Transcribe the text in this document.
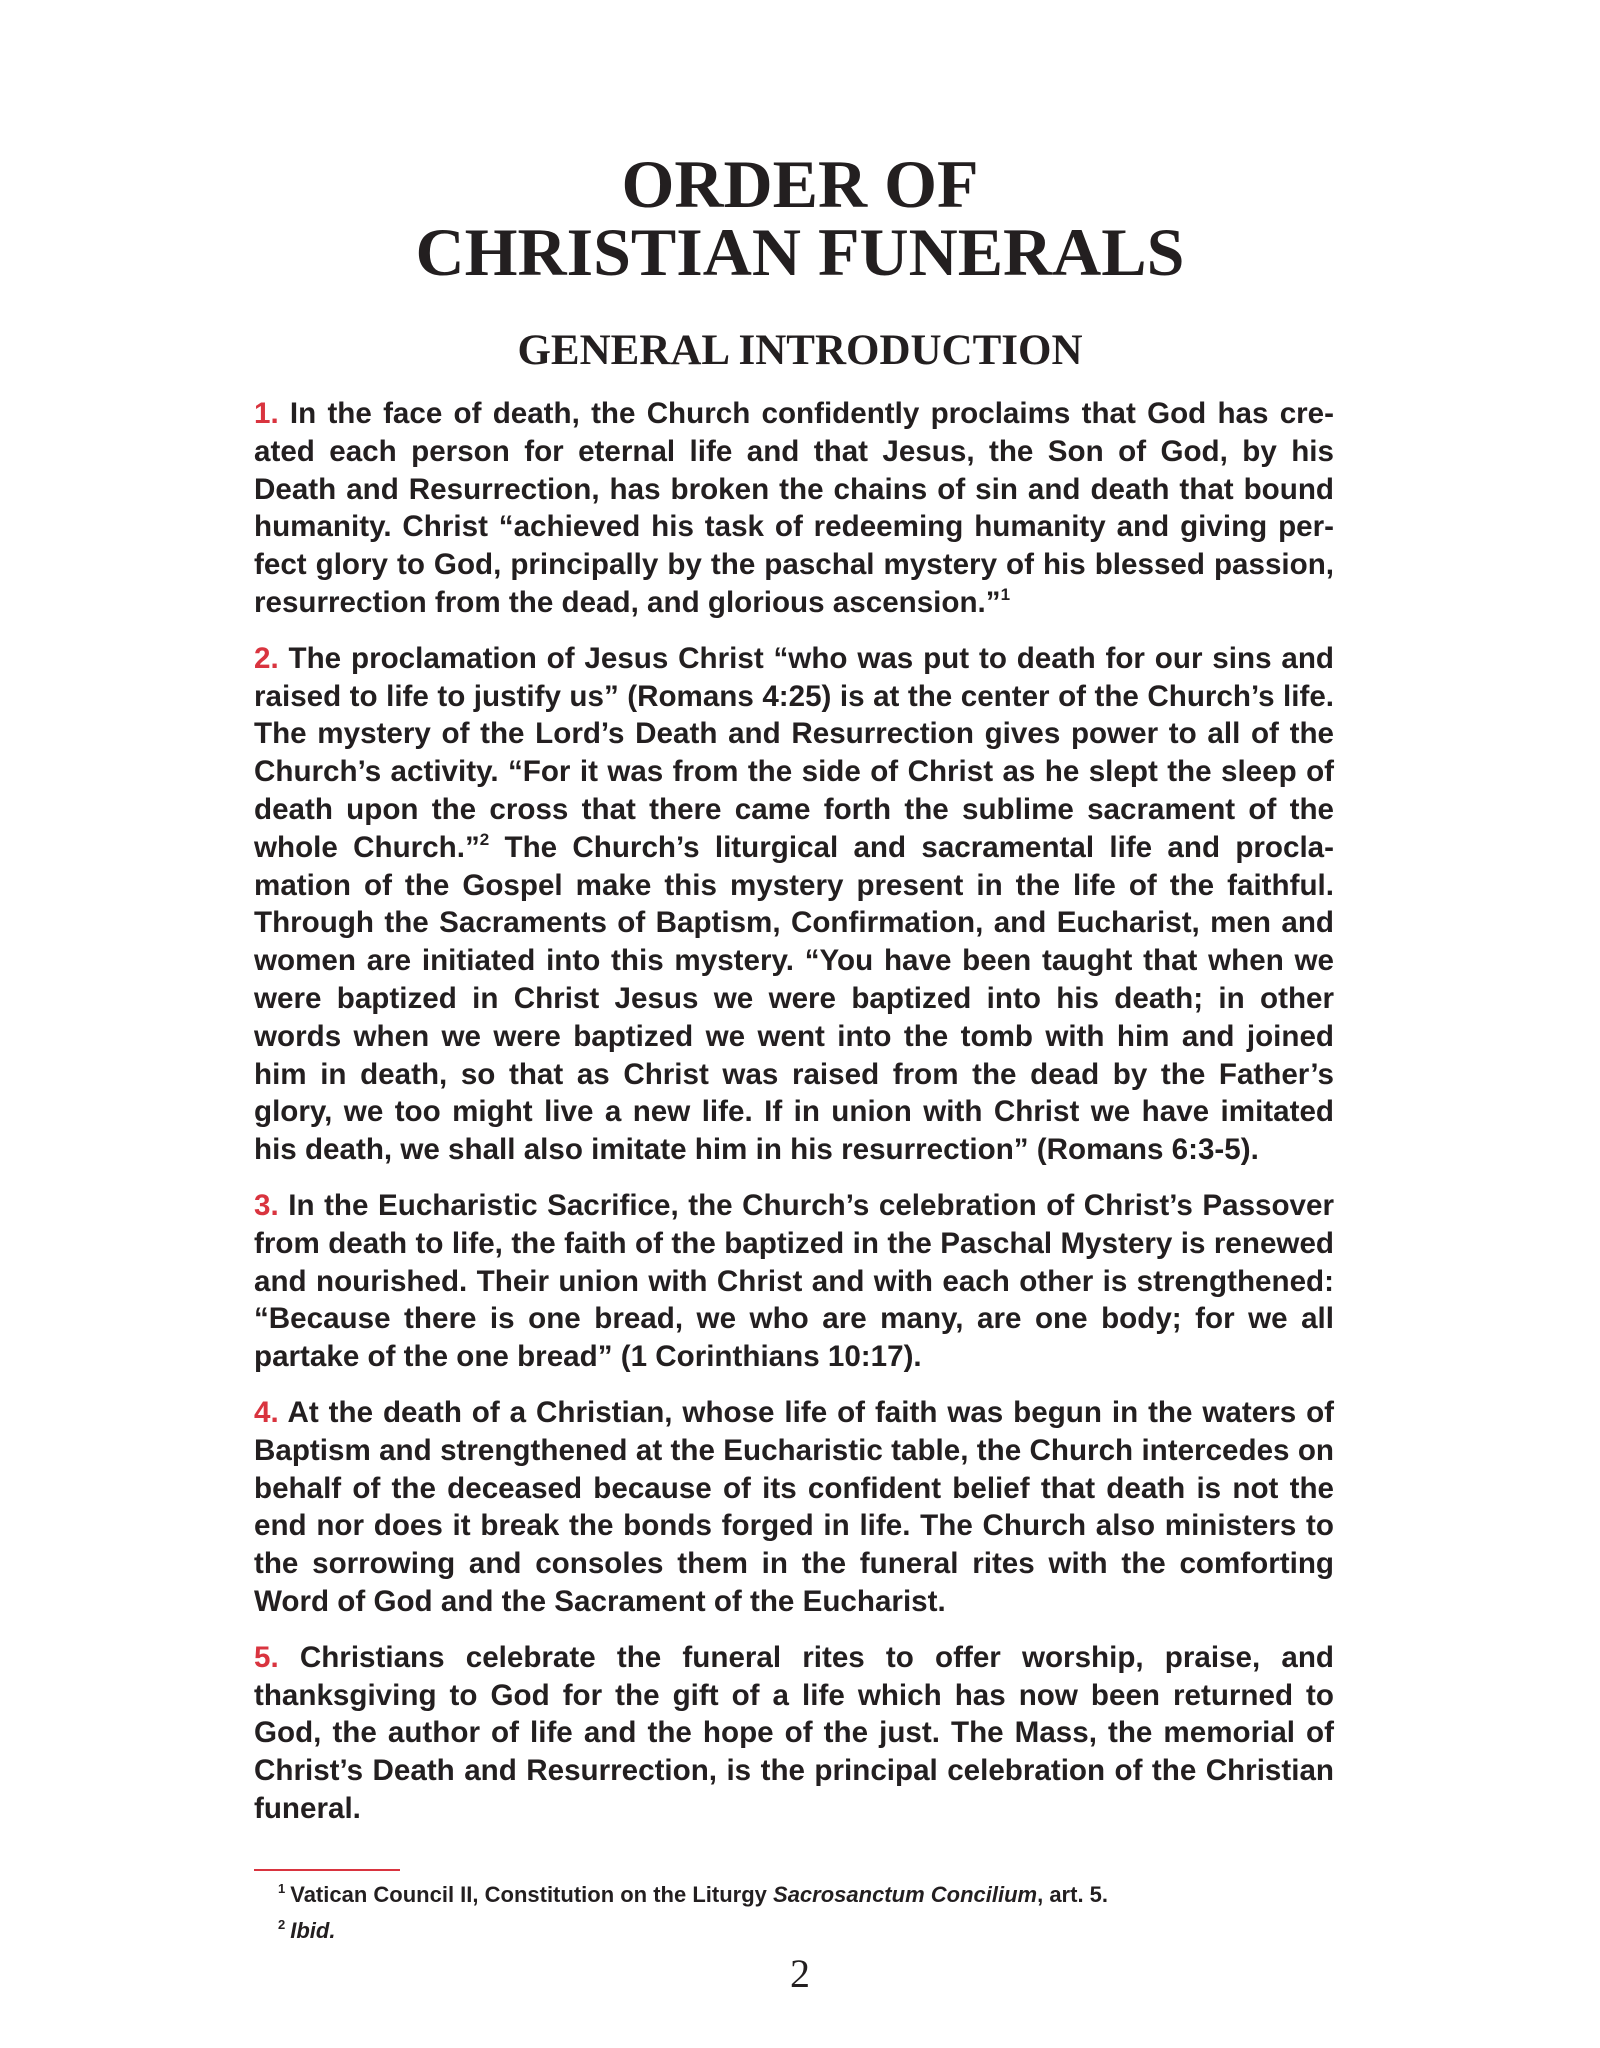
ORDER OF
CHRISTIAN FUNERALS
GENERAL INTRODUCTION

1. In the face of death, the Church confidently proclaims that God has created each person for eternal life and that Jesus, the Son of God, by his Death and Resurrection, has broken the chains of sin and death that bound humanity. Christ “achieved his task of redeeming humanity and giving perfect glory to God, principally by the paschal mystery of his blessed passion, resurrection from the dead, and glorious ascension.”$^1$

2. The proclamation of Jesus Christ “who was put to death for our sins and raised to life to justify us” (Romans 4:25) is at the center of the Church’s life. The mystery of the Lord’s Death and Resurrection gives power to all of the Church’s activity. “For it was from the side of Christ as he slept the sleep of death upon the cross that there came forth the sublime sacrament of the whole Church.”$^2$ The Church’s liturgical and sacramental life and proclamation of the Gospel make this mystery present in the life of the faithful. Through the Sacraments of Baptism, Confirmation, and Eucharist, men and women are initiated into this mystery. “You have been taught that when we were baptized in Christ Jesus we were baptized into his death; in other words when we were baptized we went into the tomb with him and joined him in death, so that as Christ was raised from the dead by the Father’s glory, we too might live a new life. If in union with Christ we have imitated his death, we shall also imitate him in his resurrection” (Romans 6:3-5).

3. In the Eucharistic Sacrifice, the Church’s celebration of Christ’s Passover from death to life, the faith of the baptized in the Paschal Mystery is renewed and nourished. Their union with Christ and with each other is strengthened: “Because there is one bread, we who are many, are one body; for we all partake of the one bread” (1 Corinthians 10:17).

4. At the death of a Christian, whose life of faith was begun in the waters of Baptism and strengthened at the Eucharistic table, the Church intercedes on behalf of the deceased because of its confident belief that death is not the end nor does it break the bonds forged in life. The Church also ministers to the sorrowing and consoles them in the funeral rites with the comforting Word of God and the Sacrament of the Eucharist.

5. Christians celebrate the funeral rites to offer worship, praise, and thanksgiving to God for the gift of a life which has now been returned to God, the author of life and the hope of the just. The Mass, the memorial of Christ’s Death and Resurrection, is the principal celebration of the Christian funeral.

$^1$ Vatican Council II, Constitution on the Liturgy Sacrosanctum Concilium, art. 5.
$^2$ Ibid.
2
